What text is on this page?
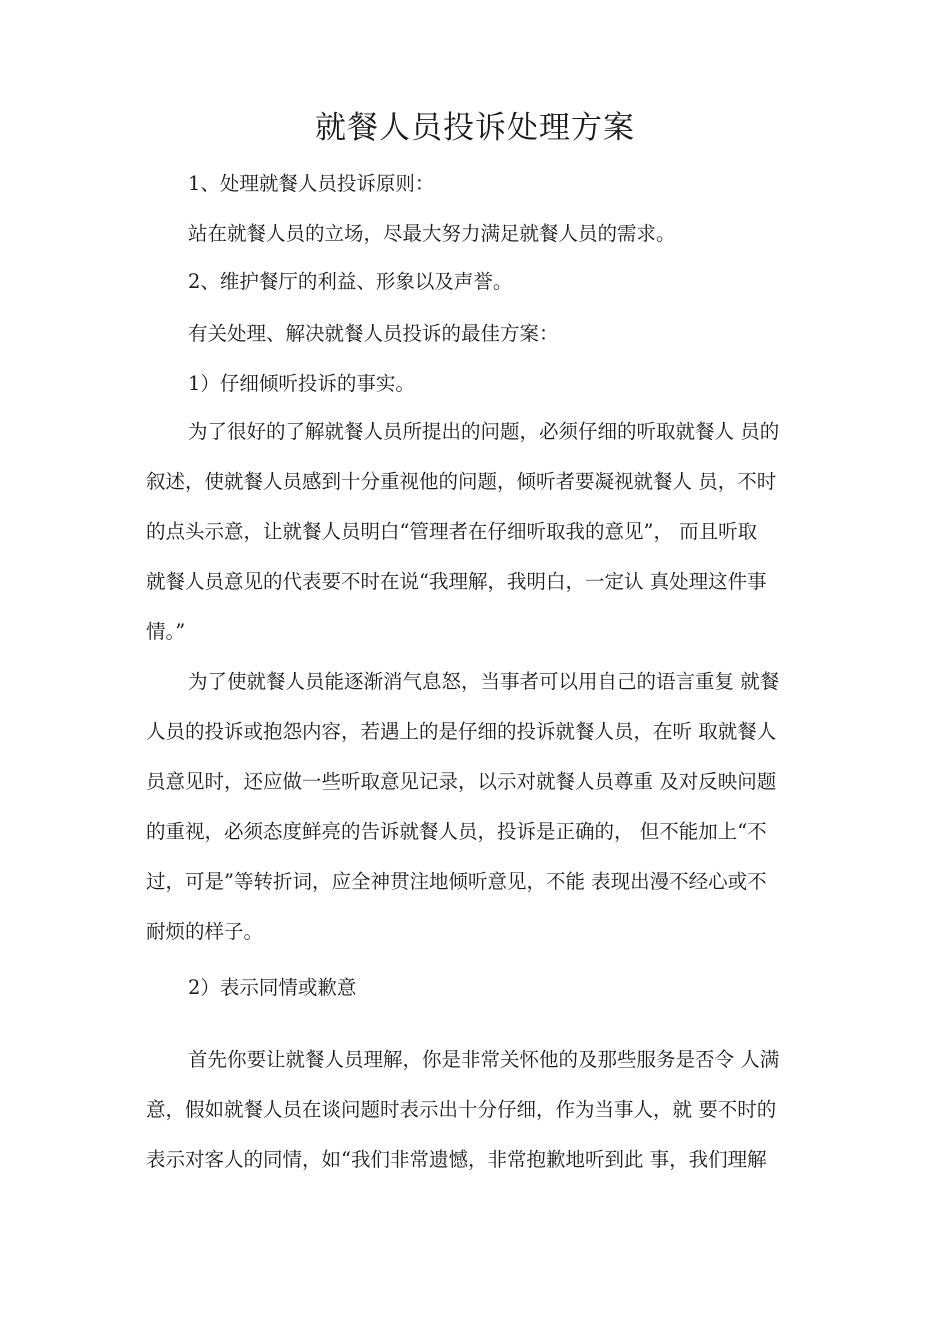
就餐人员投诉处理方案
1、处理就餐人员投诉原则：
站在就餐人员的立场，尽最大努力满足就餐人员的需求。
2、维护餐厅的利益、形象以及声誉。
有关处理、解决就餐人员投诉的最佳方案：
1）仔细倾听投诉的事实。
为了很好的了解就餐人员所提出的问题，必须仔细的听取就餐人 员的
叙述，使就餐人员感到十分重视他的问题，倾听者要凝视就餐人 员，不时
的点头示意，让就餐人员明白“管理者在仔细听取我的意见”， 而且听取
就餐人员意见的代表要不时在说“我理解，我明白，一定认 真处理这件事
情。”
为了使就餐人员能逐渐消气息怒，当事者可以用自己的语言重复 就餐
人员的投诉或抱怨内容，若遇上的是仔细的投诉就餐人员，在听 取就餐人
员意见时，还应做一些听取意见记录，以示对就餐人员尊重 及对反映问题
的重视，必须态度鲜亮的告诉就餐人员，投诉是正确的， 但不能加上“不
过，可是”等转折词，应全神贯注地倾听意见，不能 表现出漫不经心或不
耐烦的样子。
2）表示同情或歉意
首先你要让就餐人员理解，你是非常关怀他的及那些服务是否令 人满
意，假如就餐人员在谈问题时表示出十分仔细，作为当事人，就 要不时的
表示对客人的同情，如“我们非常遗憾，非常抱歉地听到此 事，我们理解
